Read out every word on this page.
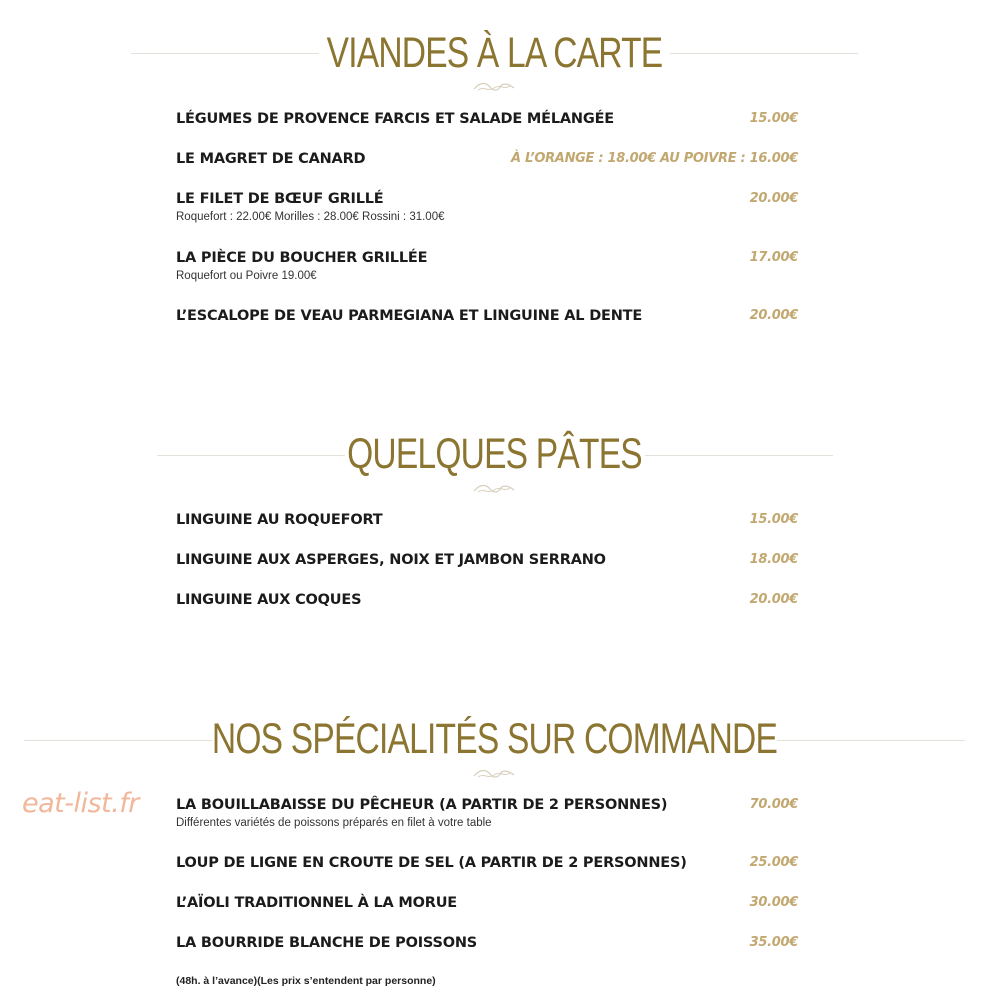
VIANDES À LA CARTE
LÉGUMES DE PROVENCE FARCIS ET SALADE MÉLANGÉE	15.00€
LE MAGRET DE CANARD	À L’ORANGE : 18.00€ AU POIVRE : 16.00€
LE FILET DE BŒUF GRILLÉ	20.00€
Roquefort : 22.00€ Morilles : 28.00€ Rossini : 31.00€
LA PIÈCE DU BOUCHER GRILLÉE	17.00€
Roquefort ou Poivre 19.00€
L’ESCALOPE DE VEAU PARMEGIANA ET LINGUINE AL DENTE	20.00€
QUELQUES PÂTES
LINGUINE AU ROQUEFORT	15.00€
LINGUINE AUX ASPERGES, NOIX ET JAMBON SERRANO	18.00€
LINGUINE AUX COQUES	20.00€
NOS SPÉCIALITÉS SUR COMMANDE
eat-list.fr	LA BOUILLABAISSE DU PÊCHEUR (A PARTIR DE 2 PERSONNES)	70.00€
Différentes variétés de poissons préparés en filet à votre table
LOUP DE LIGNE EN CROUTE DE SEL (A PARTIR DE 2 PERSONNES)	25.00€
L’AÏOLI TRADITIONNEL À LA MORUE	30.00€
LA BOURRIDE BLANCHE DE POISSONS	35.00€
(48h. à l’avance)(Les prix s’entendent par personne)
